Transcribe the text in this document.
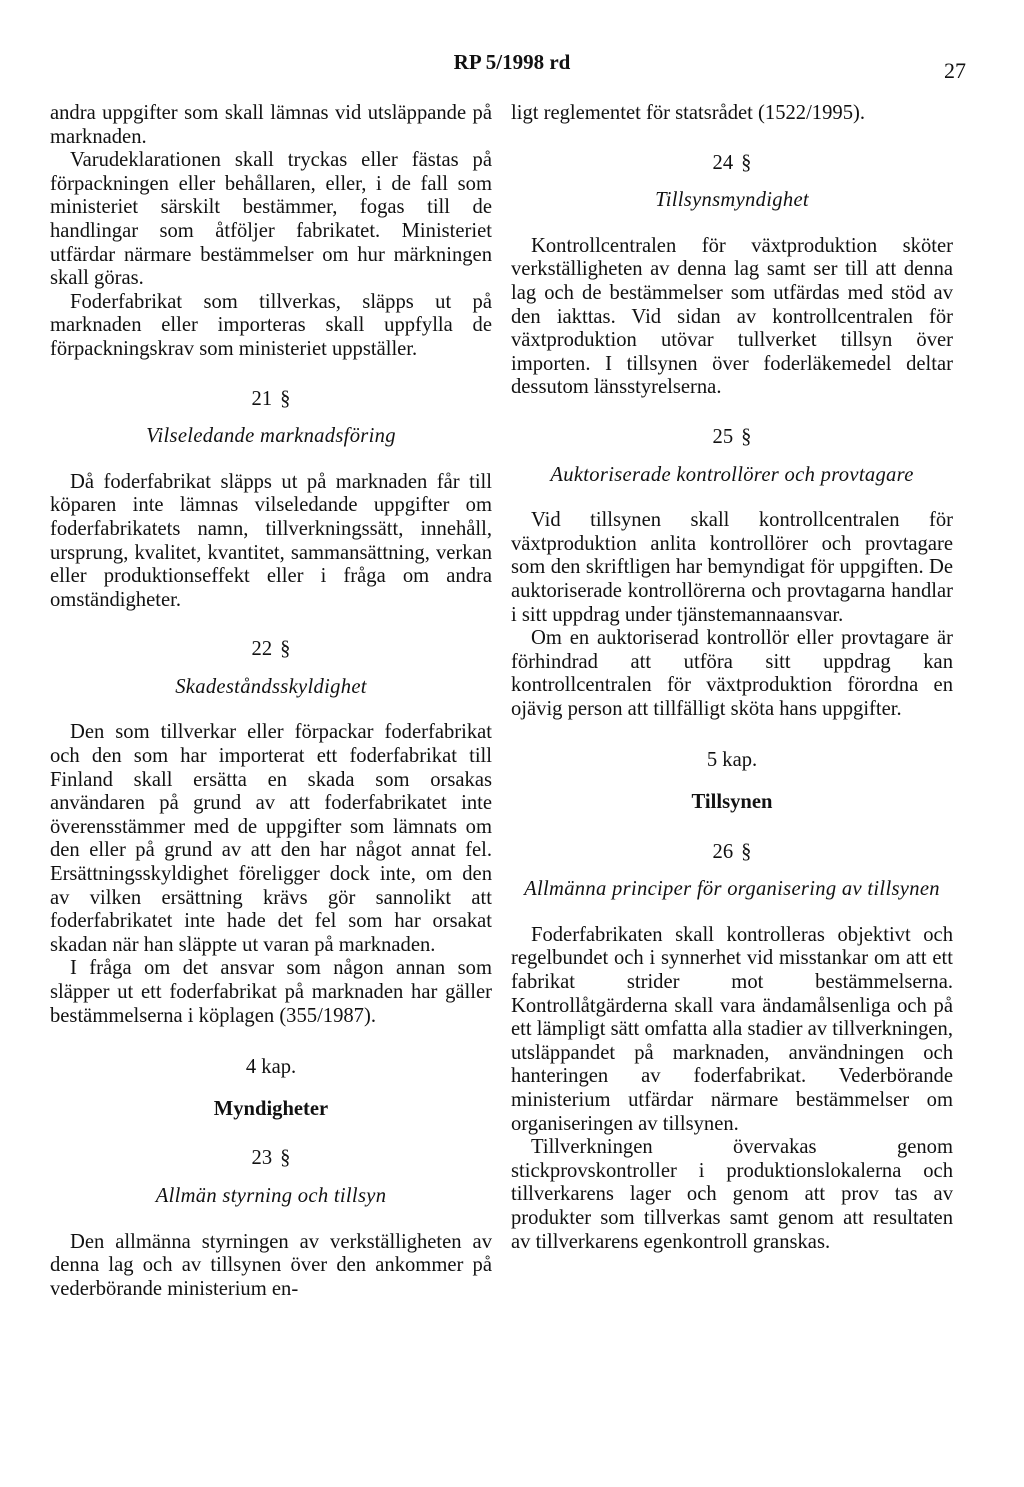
RP 5/1998 rd	27

andra uppgifter som skall lämnas vid utsläppande på marknaden.

Varudeklarationen skall tryckas eller fästas på förpackningen eller behållaren, eller, i de fall som ministeriet särskilt bestämmer, fogas till de handlingar som åtföljer fabrikatet. Ministeriet utfärdar närmare bestämmelser om hur märkningen skall göras.

Foderfabrikat som tillverkas, släpps ut på marknaden eller importeras skall uppfylla de förpackningskrav som ministeriet uppställer.

21 §
Vilseledande marknadsföring

Då foderfabrikat släpps ut på marknaden får till köparen inte lämnas vilseledande uppgifter om foderfabrikatets namn, tillverkningssätt, innehåll, ursprung, kvalitet, kvantitet, sammansättning, verkan eller produktionseffekt eller i fråga om andra omständigheter.

22 §
Skadeståndsskyldighet

Den som tillverkar eller förpackar foderfabrikat och den som har importerat ett foderfabrikat till Finland skall ersätta en skada som orsakas användaren på grund av att foderfabrikatet inte överensstämmer med de uppgifter som lämnats om den eller på grund av att den har något annat fel. Ersättningsskyldighet föreligger dock inte, om den av vilken ersättning krävs gör sannolikt att foderfabrikatet inte hade det fel som har orsakat skadan när han släppte ut varan på marknaden.

I fråga om det ansvar som någon annan som släpper ut ett foderfabrikat på marknaden har gäller bestämmelserna i köplagen (355/1987).

4 kap.
Myndigheter
23 §
Allmän styrning och tillsyn

Den allmänna styrningen av verkställigheten av denna lag och av tillsynen över den ankommer på vederbörande ministerium en-

ligt reglementet för statsrådet (1522/1995).

24 §
Tillsynsmyndighet

Kontrollcentralen för växtproduktion sköter verkställigheten av denna lag samt ser till att denna lag och de bestämmelser som utfärdas med stöd av den iakttas. Vid sidan av kontrollcentralen för växtproduktion utövar tullverket tillsyn över importen. I tillsynen över foderläkemedel deltar dessutom länsstyrelserna.

25 §
Auktoriserade kontrollörer och provtagare

Vid tillsynen skall kontrollcentralen för växtproduktion anlita kontrollörer och provtagare som den skriftligen har bemyndigat för uppgiften. De auktoriserade kontrollörerna och provtagarna handlar i sitt uppdrag under tjänstemannaansvar.

Om en auktoriserad kontrollör eller provtagare är förhindrad att utföra sitt uppdrag kan kontrollcentralen för växtproduktion förordna en ojävig person att tillfälligt sköta hans uppgifter.

5 kap.
Tillsynen
26 §
Allmänna principer för organisering av tillsynen

Foderfabrikaten skall kontrolleras objektivt och regelbundet och i synnerhet vid misstankar om att ett fabrikat strider mot bestämmelserna. Kontrollåtgärderna skall vara ändamålsenliga och på ett lämpligt sätt omfatta alla stadier av tillverkningen, utsläppandet på marknaden, användningen och hanteringen av foderfabrikat. Vederbörande ministerium utfärdar närmare bestämmelser om organiseringen av tillsynen.

Tillverkningen övervakas genom stickprovskontroller i produktionslokalerna och tillverkarens lager och genom att prov tas av produkter som tillverkas samt genom att resultaten av tillverkarens egenkontroll granskas.
